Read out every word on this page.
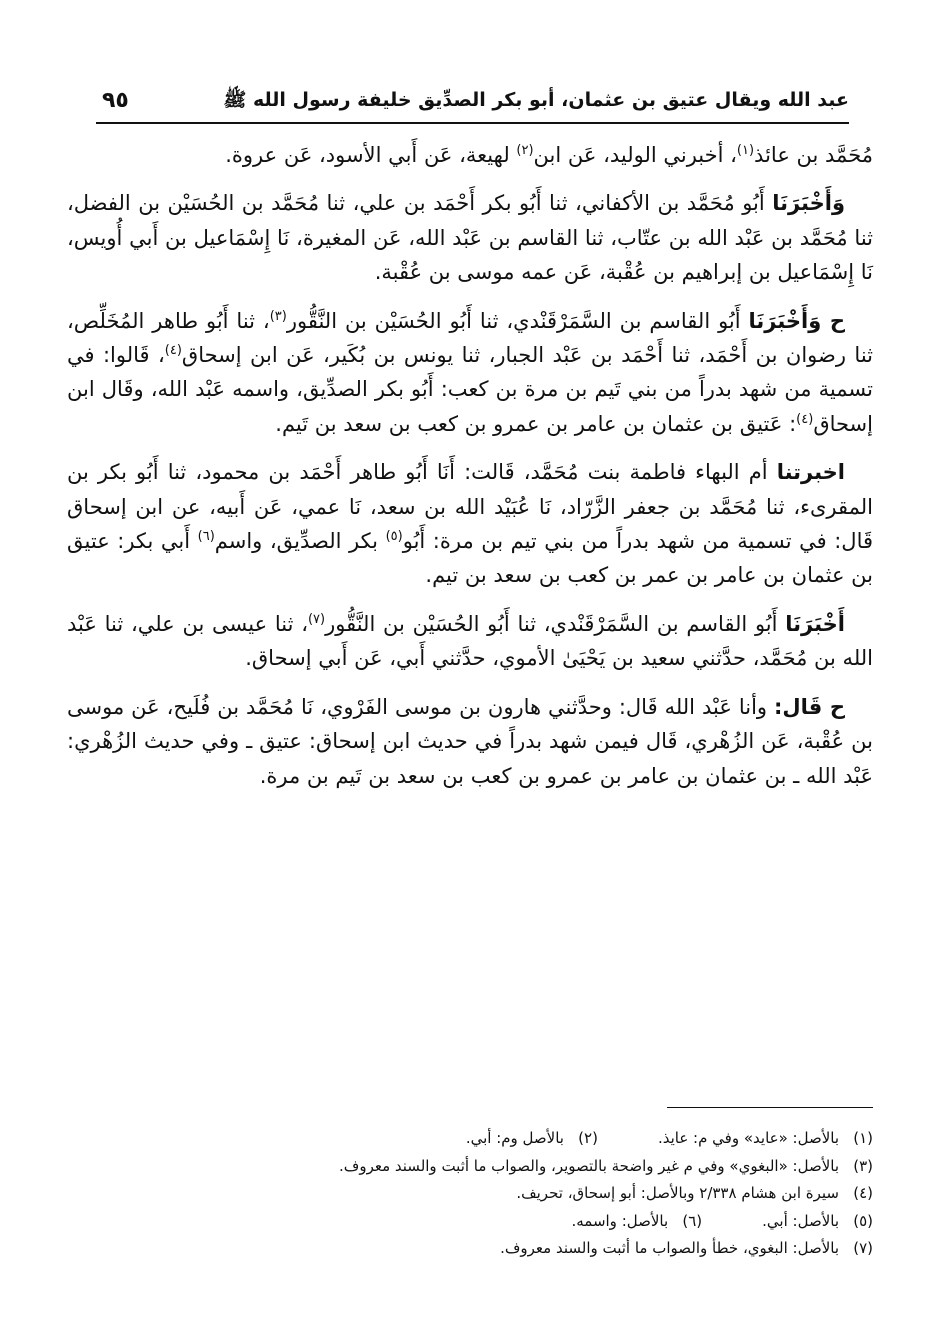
عبد الله ويقال عتيق بن عثمان، أبو بكر الصدِّيق خليفة رسول الله ﷺ
٩٥

مُحَمَّد بن عائذ$^{(١)}$، أخبرني الوليد، عَن ابن$^{(٢)}$ لهيعة، عَن أَبي الأسود، عَن عروة.

وَأَخْبَرَنَا أَبُو مُحَمَّد بن الأكفاني، ثنا أَبُو بكر أَحْمَد بن علي، ثنا مُحَمَّد بن الحُسَيْن بن الفضل، ثنا مُحَمَّد بن عَبْد الله بن عتّاب، ثنا القاسم بن عَبْد الله، عَن المغيرة، نَا إِسْمَاعيل بن أَبي أُويس، نَا إِسْمَاعيل بن إبراهيم بن عُقْبة، عَن عمه موسى بن عُقْبة.

ح وَأَخْبَرَنَا أَبُو القاسم بن السَّمَرْقَنْدي، ثنا أَبُو الحُسَيْن بن النَّقُّور$^{(٣)}$، ثنا أَبُو طاهر المُخَلِّص، ثنا رضوان بن أَحْمَد، ثنا أَحْمَد بن عَبْد الجبار، ثنا يونس بن بُكَير، عَن ابن إسحاق$^{(٤)}$، قَالوا: في تسمية من شهد بدراً من بني تَيم بن مرة بن كعب: أَبُو بكر الصدِّيق، واسمه عَبْد الله، وقَال ابن إسحاق$^{(٤)}$: عَتيق بن عثمان بن عامر بن عمرو بن كعب بن سعد بن تَيم.

اخبرتنا أم البهاء فاطمة بنت مُحَمَّد، قَالت: أَنَا أَبُو طاهر أَحْمَد بن محمود، ثنا أَبُو بكر بن المقرىء، ثنا مُحَمَّد بن جعفر الزَّرّاد، نَا عُبَيْد الله بن سعد، نَا عمي، عَن أَبيه، عن ابن إسحاق قَال: في تسمية من شهد بدراً من بني تيم بن مرة: أَبُو$^{(٥)}$ بكر الصدِّيق، واسم$^{(٦)}$ أَبي بكر: عتيق بن عثمان بن عامر بن عمر بن كعب بن سعد بن تيم.

أَخْبَرَنَا أَبُو القاسم بن السَّمَرْقَنْدي، ثنا أَبُو الحُسَيْن بن النَّقُّور$^{(٧)}$، ثنا عيسى بن علي، ثنا عَبْد الله بن مُحَمَّد، حدَّثني سعيد بن يَحْيَىٰ الأموي، حدَّثني أَبي، عَن أَبي إسحاق.

ح قَال: وأنا عَبْد الله قَال: وحدَّثني هارون بن موسى الفَرْوي، نَا مُحَمَّد بن فُلَيح، عَن موسى بن عُقْبة، عَن الزُهْري، قَال فيمن شهد بدراً في حديث ابن إسحاق: عتيق ـ وفي حديث الزُهْري: عَبْد الله ـ بن عثمان بن عامر بن عمرو بن كعب بن سعد بن تَيم بن مرة.

(١)بالأصل: «عايد» وفي م: عايذ.(٢)بالأصل وم: أبي.
(٣)بالأصل: «البغوي» وفي م غير واضحة بالتصوير، والصواب ما أثبت والسند معروف.
(٤)سيرة ابن هشام ٢/٣٣٨ وبالأصل: أبو إسحاق، تحريف.
(٥)بالأصل: أبي.(٦)بالأصل: واسمه.
(٧)بالأصل: البغوي، خطأ والصواب ما أثبت والسند معروف.
